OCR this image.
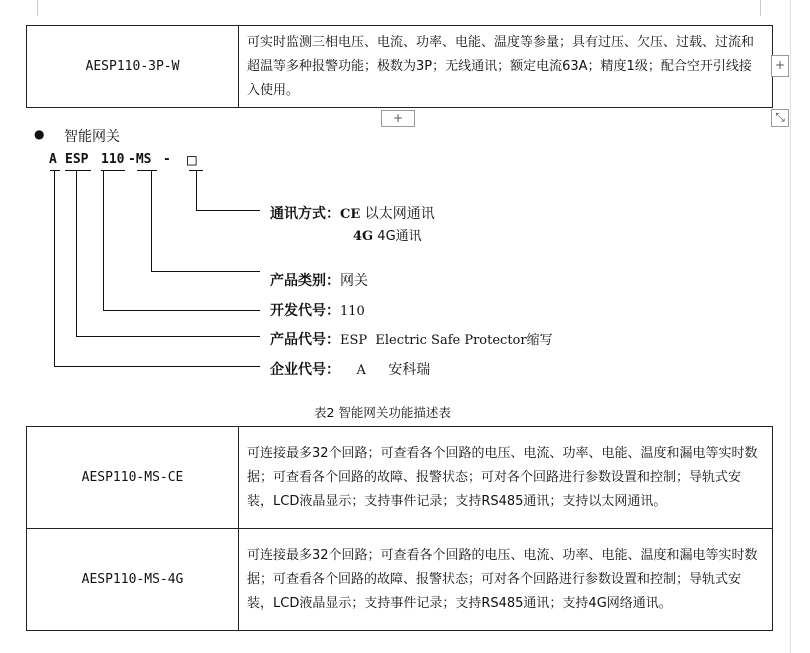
AESP110-3P-W	可实时监测三相电压、电流、功率、电能、温度等参量；具有过压、欠压、过载、过流和超温等多种报警功能；极数为3P；无线通讯；额定电流63A；精度1级；配合空开引线接入使用。
+
+
⤡
● 智能网关
A ESP 110 -MS - □
通讯方式：CE 以太网通讯
4G 4G通讯
产品类别：网关
开发代号：110
产品代号：ESP  Electric Safe Protector缩写
企业代号： A 安科瑞
表2 智能网关功能描述表
AESP110-MS-CE	可连接最多32个回路；可查看各个回路的电压、电流、功率、电能、温度和漏电等实时数据；可查看各个回路的故障、报警状态；可对各个回路进行参数设置和控制；导轨式安装，LCD液晶显示；支持事件记录；支持RS485通讯；支持以太网通讯。
AESP110-MS-4G	可连接最多32个回路；可查看各个回路的电压、电流、功率、电能、温度和漏电等实时数据；可查看各个回路的故障、报警状态；可对各个回路进行参数设置和控制；导轨式安装，LCD液晶显示；支持事件记录；支持RS485通讯；支持4G网络通讯。
